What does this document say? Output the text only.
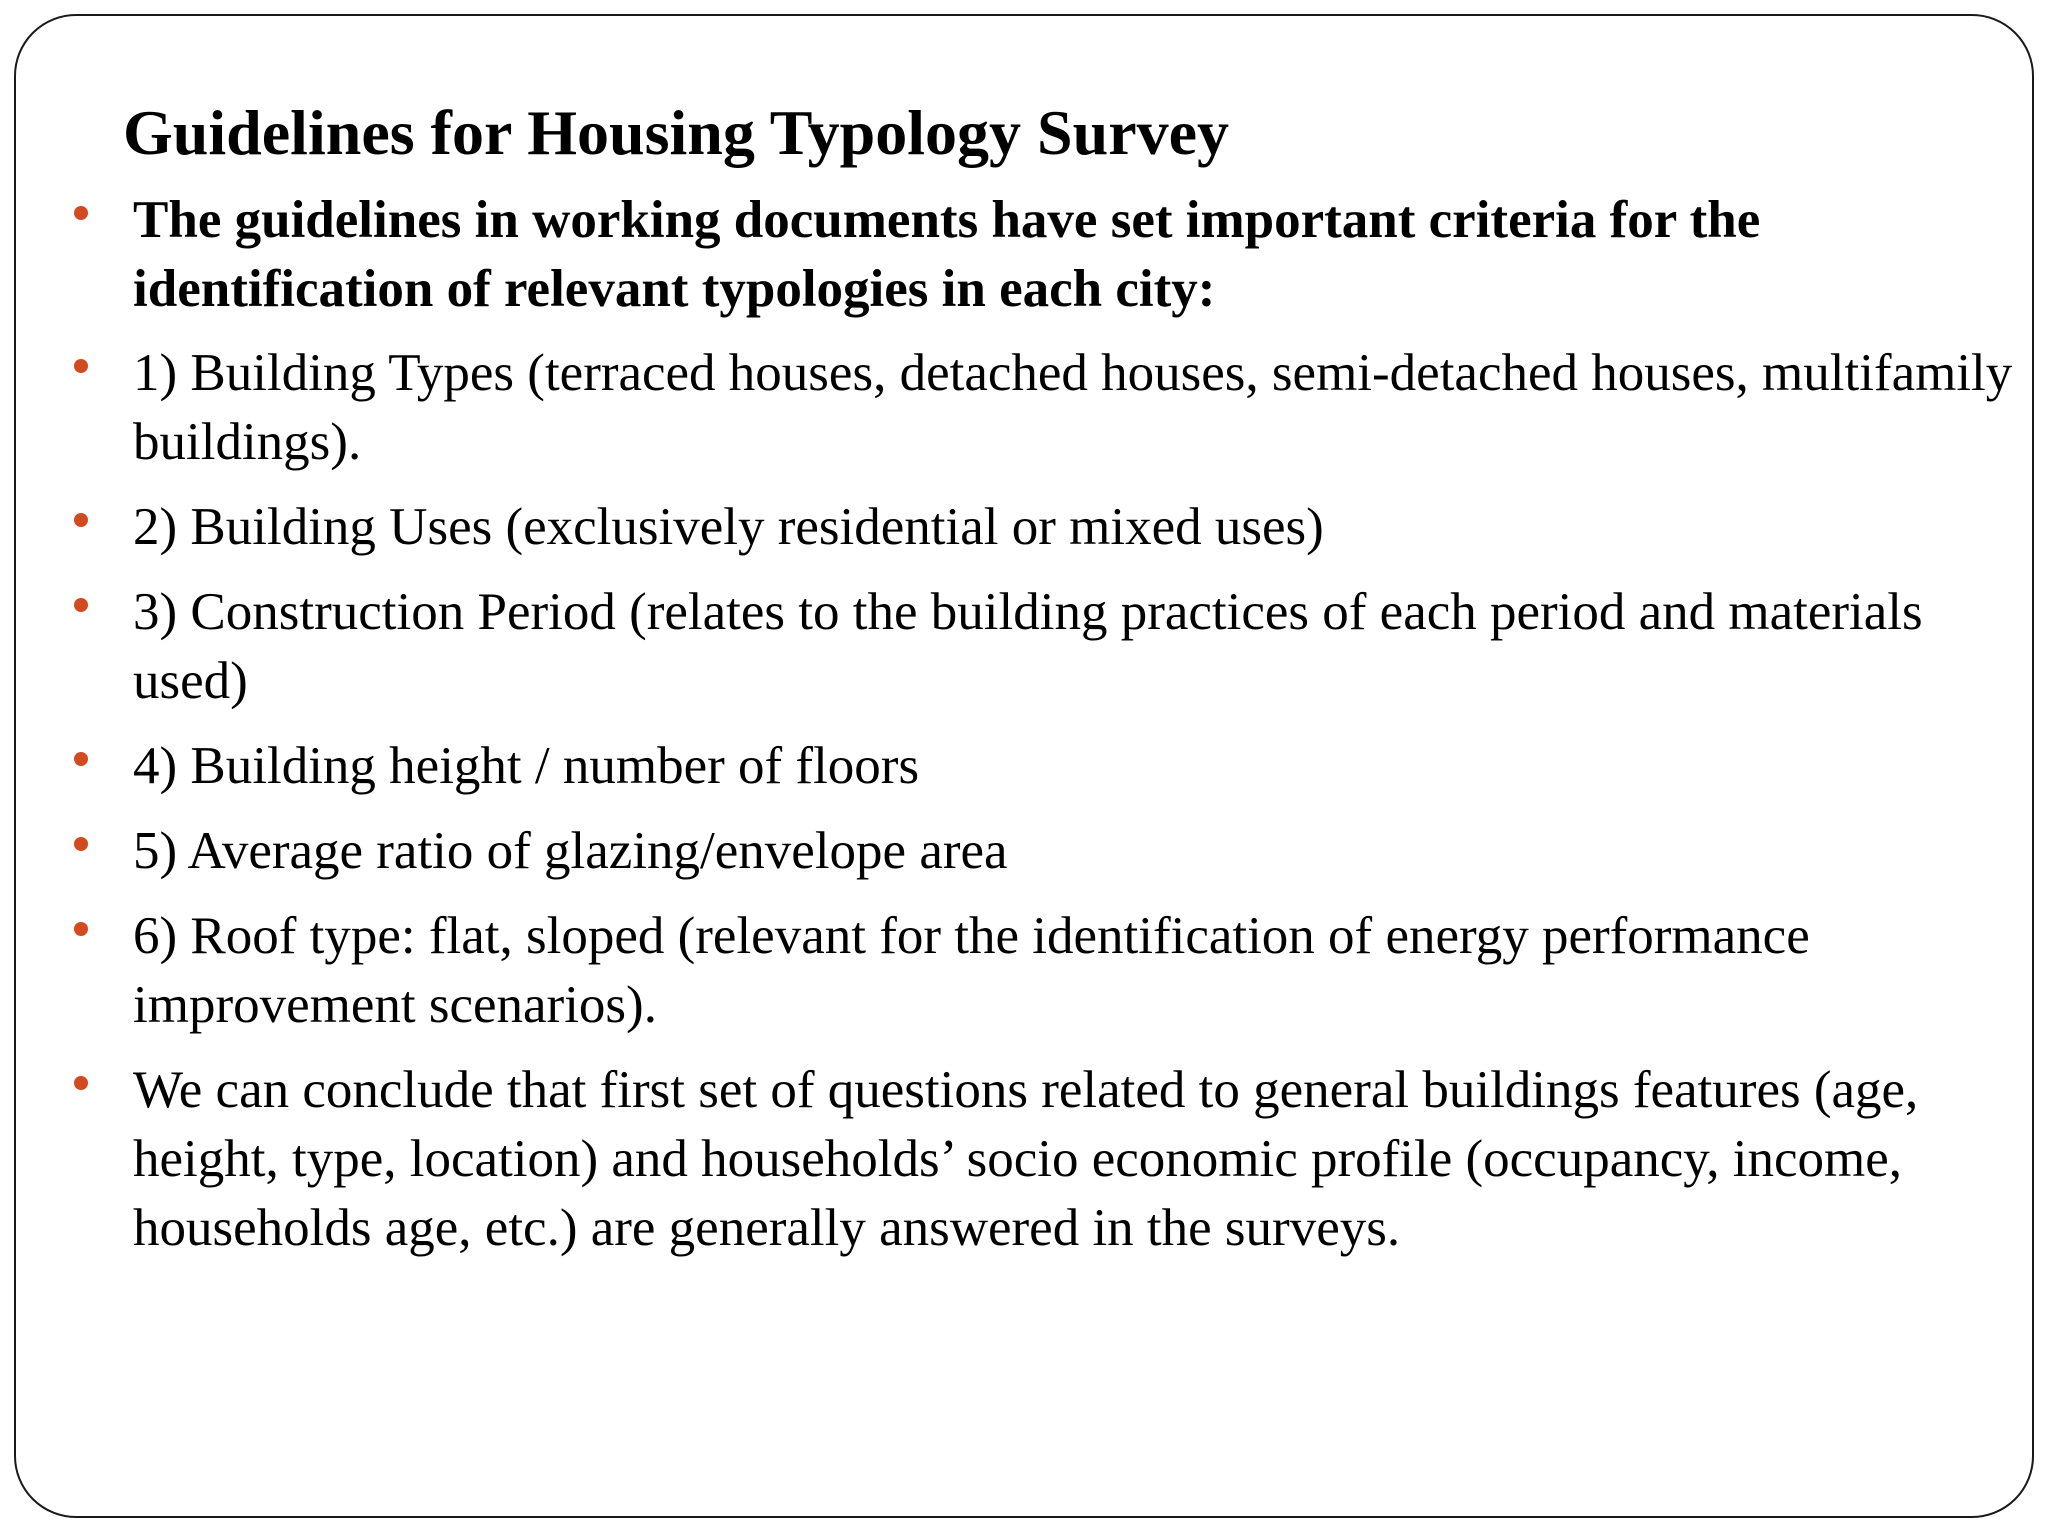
Guidelines for Housing Typology Survey
The guidelines in working documents have set important criteria for the identification of relevant typologies in each city:
1) Building Types (terraced houses, detached houses, semi-detached houses, multifamily buildings).
2) Building Uses (exclusively residential or mixed uses)
3) Construction Period (relates to the building practices of each period and materials used)
4) Building height / number of floors
5) Average ratio of glazing/envelope area
6) Roof type: flat, sloped (relevant for the identification of energy performance improvement scenarios).
We can conclude that first set of questions related to general buildings features (age, height, type, location) and households’ socio economic profile (occupancy, income, households age, etc.) are generally answered in the surveys.
